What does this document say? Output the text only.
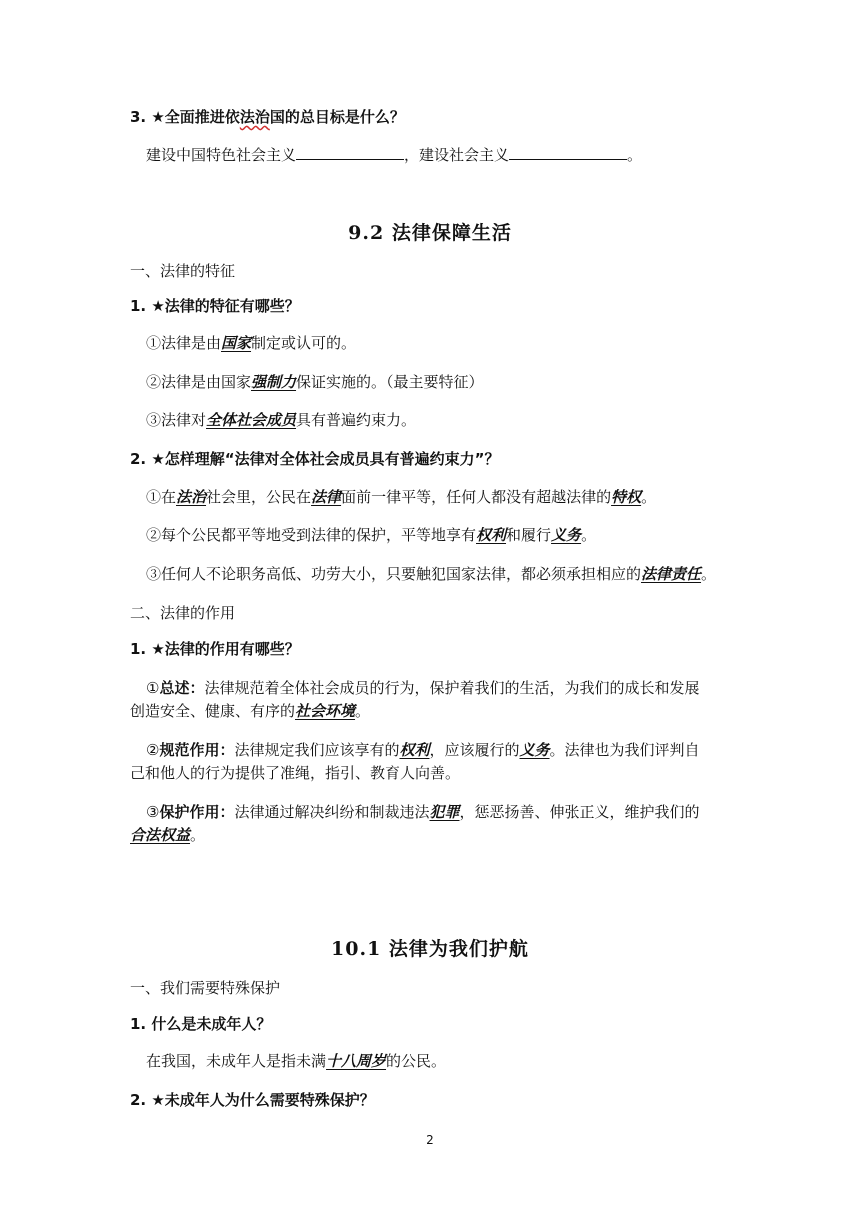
3. ★全面推进依法治国的总目标是什么？
建设中国特色社会主义	，建设社会主义	。
9.2 法律保障生活
一、法律的特征
1. ★法律的特征有哪些？
①法律是由国家制定或认可的。
②法律是由国家强制力保证实施的。（最主要特征）
③法律对全体社会成员具有普遍约束力。
2. ★怎样理解“法律对全体社会成员具有普遍约束力”？
①在法治社会里，公民在法律面前一律平等，任何人都没有超越法律的特权。
②每个公民都平等地受到法律的保护，平等地享有权利和履行义务。
③任何人不论职务高低、功劳大小，只要触犯国家法律，都必须承担相应的法律责任。
二、法律的作用
1. ★法律的作用有哪些？
①总述：法律规范着全体社会成员的行为，保护着我们的生活，为我们的成长和发展
创造安全、健康、有序的社会环境。
②规范作用：法律规定我们应该享有的权利，应该履行的义务。法律也为我们评判自
己和他人的行为提供了准绳，指引、教育人向善。
③保护作用：法律通过解决纠纷和制裁违法犯罪，惩恶扬善、伸张正义，维护我们的
合法权益。
10.1 法律为我们护航
一、我们需要特殊保护
1. 什么是未成年人？
在我国，未成年人是指未满十八周岁的公民。
2. ★未成年人为什么需要特殊保护？
2
